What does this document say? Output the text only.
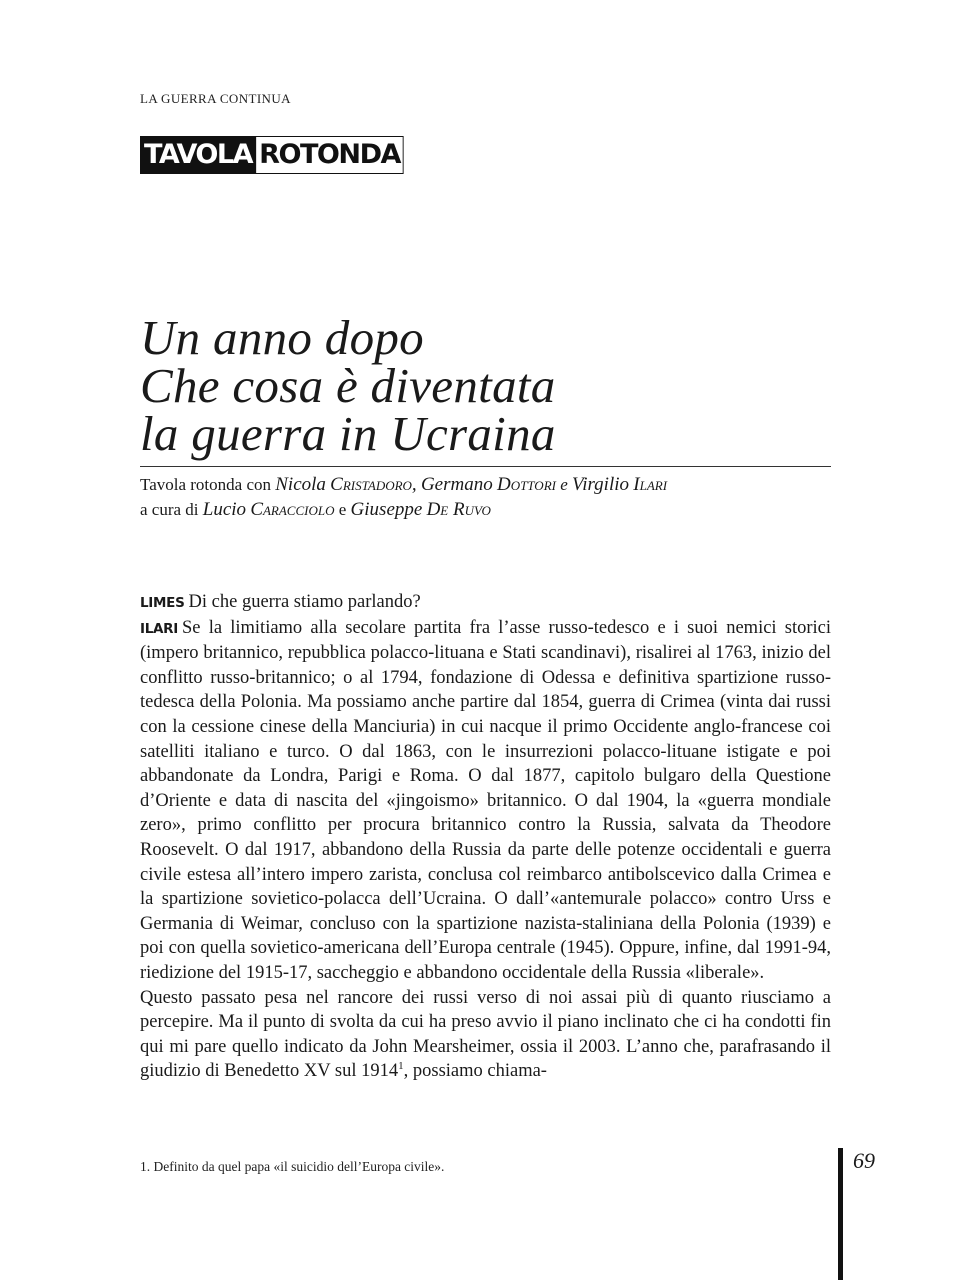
LA GUERRA CONTINUA
TAVOLA ROTONDA
Un anno dopo
Che cosa è diventata
la guerra in Ucraina
Tavola rotonda con Nicola Cristadoro, Germano Dottori e Virgilio Ilari
a cura di Lucio Caracciolo e Giuseppe De Ruvo

LIMES Di che guerra stiamo parlando?

ILARI Se la limitiamo alla secolare partita fra l’asse russo-tedesco e i suoi nemici storici (impero britannico, repubblica polacco-lituana e Stati scandinavi), risalirei al 1763, inizio del conflitto russo-britannico; o al 1794, fondazione di Odessa e definitiva spartizione russo-tedesca della Polonia. Ma possiamo anche partire dal 1854, guerra di Crimea (vinta dai russi con la cessione cinese della Manciuria) in cui nacque il primo Occidente anglo-francese coi satelliti italiano e turco. O dal 1863, con le insurrezioni polacco-lituane istigate e poi abbandonate da Londra, Parigi e Roma. O dal 1877, capitolo bulgaro della Questione d’Oriente e data di nascita del «jingoismo» britannico. O dal 1904, la «guerra mondiale zero», primo conflitto per procura britannico contro la Russia, salvata da Theodore Roosevelt. O dal 1917, abbandono della Russia da parte delle potenze occidentali e guerra civile estesa all’intero impero zarista, conclusa col reimbarco antibolscevico dalla Crimea e la spartizione sovietico-polacca dell’Ucraina. O dall’«antemurale polacco» contro Urss e Germania di Weimar, concluso con la spartizione nazista-staliniana della Polonia (1939) e poi con quella sovietico-americana dell’Europa centrale (1945). Oppure, infine, dal 1991-94, riedizione del 1915-17, saccheggio e abbandono occidentale della Russia «liberale».

Questo passato pesa nel rancore dei russi verso di noi assai più di quanto riusciamo a percepire. Ma il punto di svolta da cui ha preso avvio il piano inclinato che ci ha condotti fin qui mi pare quello indicato da John Mearsheimer, ossia il 2003. L’anno che, parafrasando il giudizio di Benedetto XV sul 1914$^1$, possiamo chiama-

1. Definito da quel papa «il suicidio dell’Europa civile».	69
